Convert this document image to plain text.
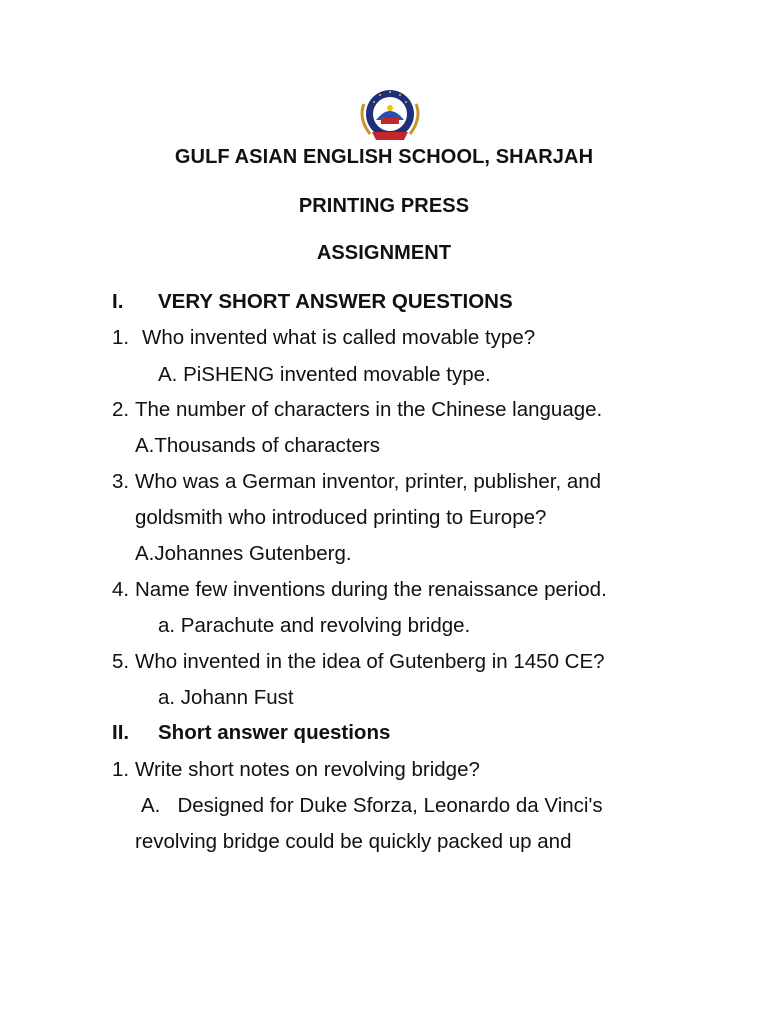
GULF ASIAN ENGLISH SCHOOL, SHARJAH
PRINTING PRESS
ASSIGNMENT
I. VERY SHORT ANSWER QUESTIONS
1. Who invented what is called movable type?
A. PiSHENG invented movable type.
2. The number of characters in the Chinese language.
A.Thousands of characters
3. Who was a German inventor, printer, publisher, and
goldsmith who introduced printing to Europe?
A.Johannes Gutenberg.
4. Name few inventions during the renaissance period.
a. Parachute and revolving bridge.
5. Who invented in the idea of Gutenberg in 1450 CE?
a. Johann Fust
II. Short answer questions
1. Write short notes on revolving bridge?
A.   Designed for Duke Sforza, Leonardo da Vinci's
revolving bridge could be quickly packed up and
